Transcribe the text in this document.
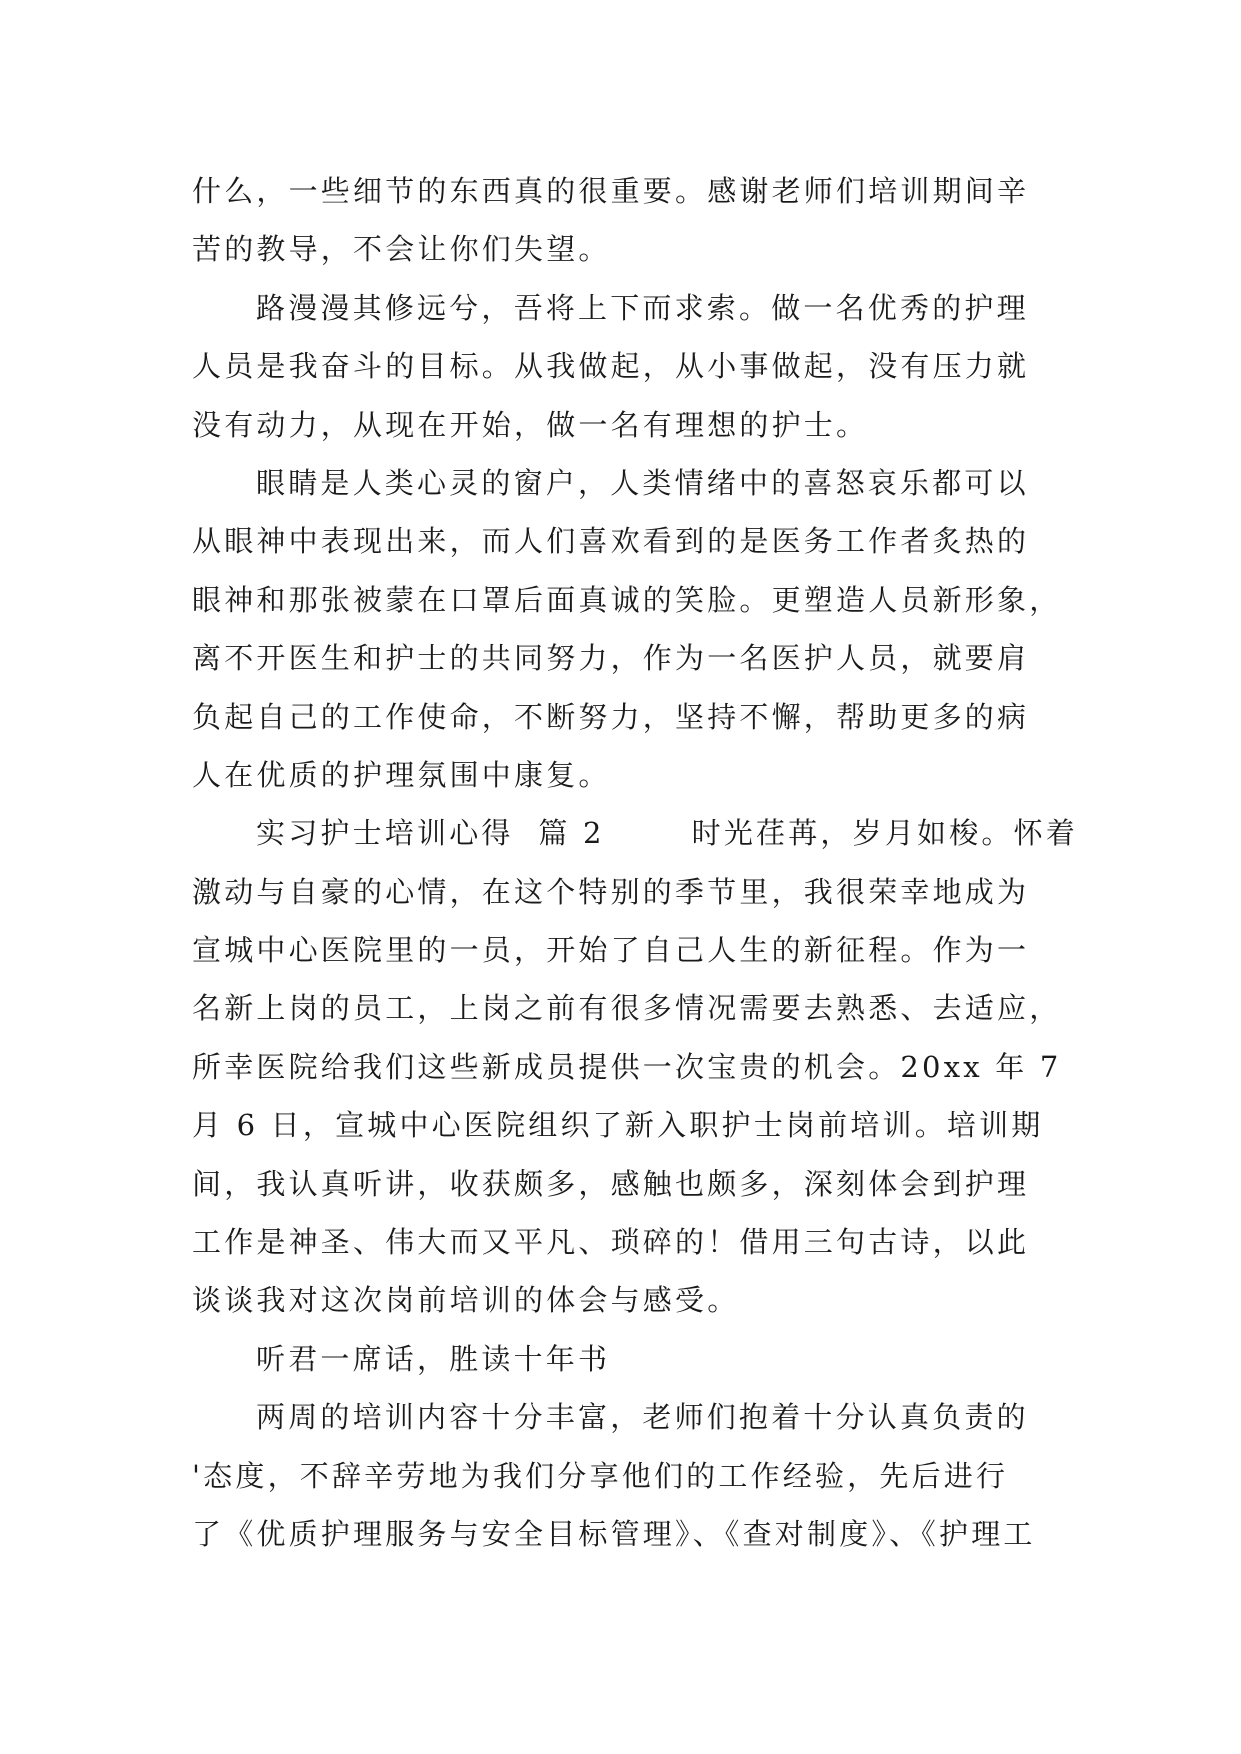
什么，一些细节的东西真的很重要。感谢老师们培训期间辛
苦的教导，不会让你们失望。
路漫漫其修远兮，吾将上下而求索。做一名优秀的护理
人员是我奋斗的目标。从我做起，从小事做起，没有压力就
没有动力，从现在开始，做一名有理想的护士。
眼睛是人类心灵的窗户，人类情绪中的喜怒哀乐都可以
从眼神中表现出来，而人们喜欢看到的是医务工作者炙热的
眼神和那张被蒙在口罩后面真诚的笑脸。更塑造人员新形象，
离不开医生和护士的共同努力，作为一名医护人员，就要肩
负起自己的工作使命，不断努力，坚持不懈，帮助更多的病
人在优质的护理氛围中康复。
实习护士培训心得  篇 2       时光荏苒，岁月如梭。怀着
激动与自豪的心情，在这个特别的季节里，我很荣幸地成为
宣城中心医院里的一员，开始了自己人生的新征程。作为一
名新上岗的员工，上岗之前有很多情况需要去熟悉、去适应，
所幸医院给我们这些新成员提供一次宝贵的机会。20xx 年 7
月 6 日，宣城中心医院组织了新入职护士岗前培训。培训期
间，我认真听讲，收获颇多，感触也颇多，深刻体会到护理
工作是神圣、伟大而又平凡、琐碎的！借用三句古诗，以此
谈谈我对这次岗前培训的体会与感受。
听君一席话，胜读十年书
两周的培训内容十分丰富，老师们抱着十分认真负责的
'态度，不辞辛劳地为我们分享他们的工作经验，先后进行
了《优质护理服务与安全目标管理》、《查对制度》、《护理工
